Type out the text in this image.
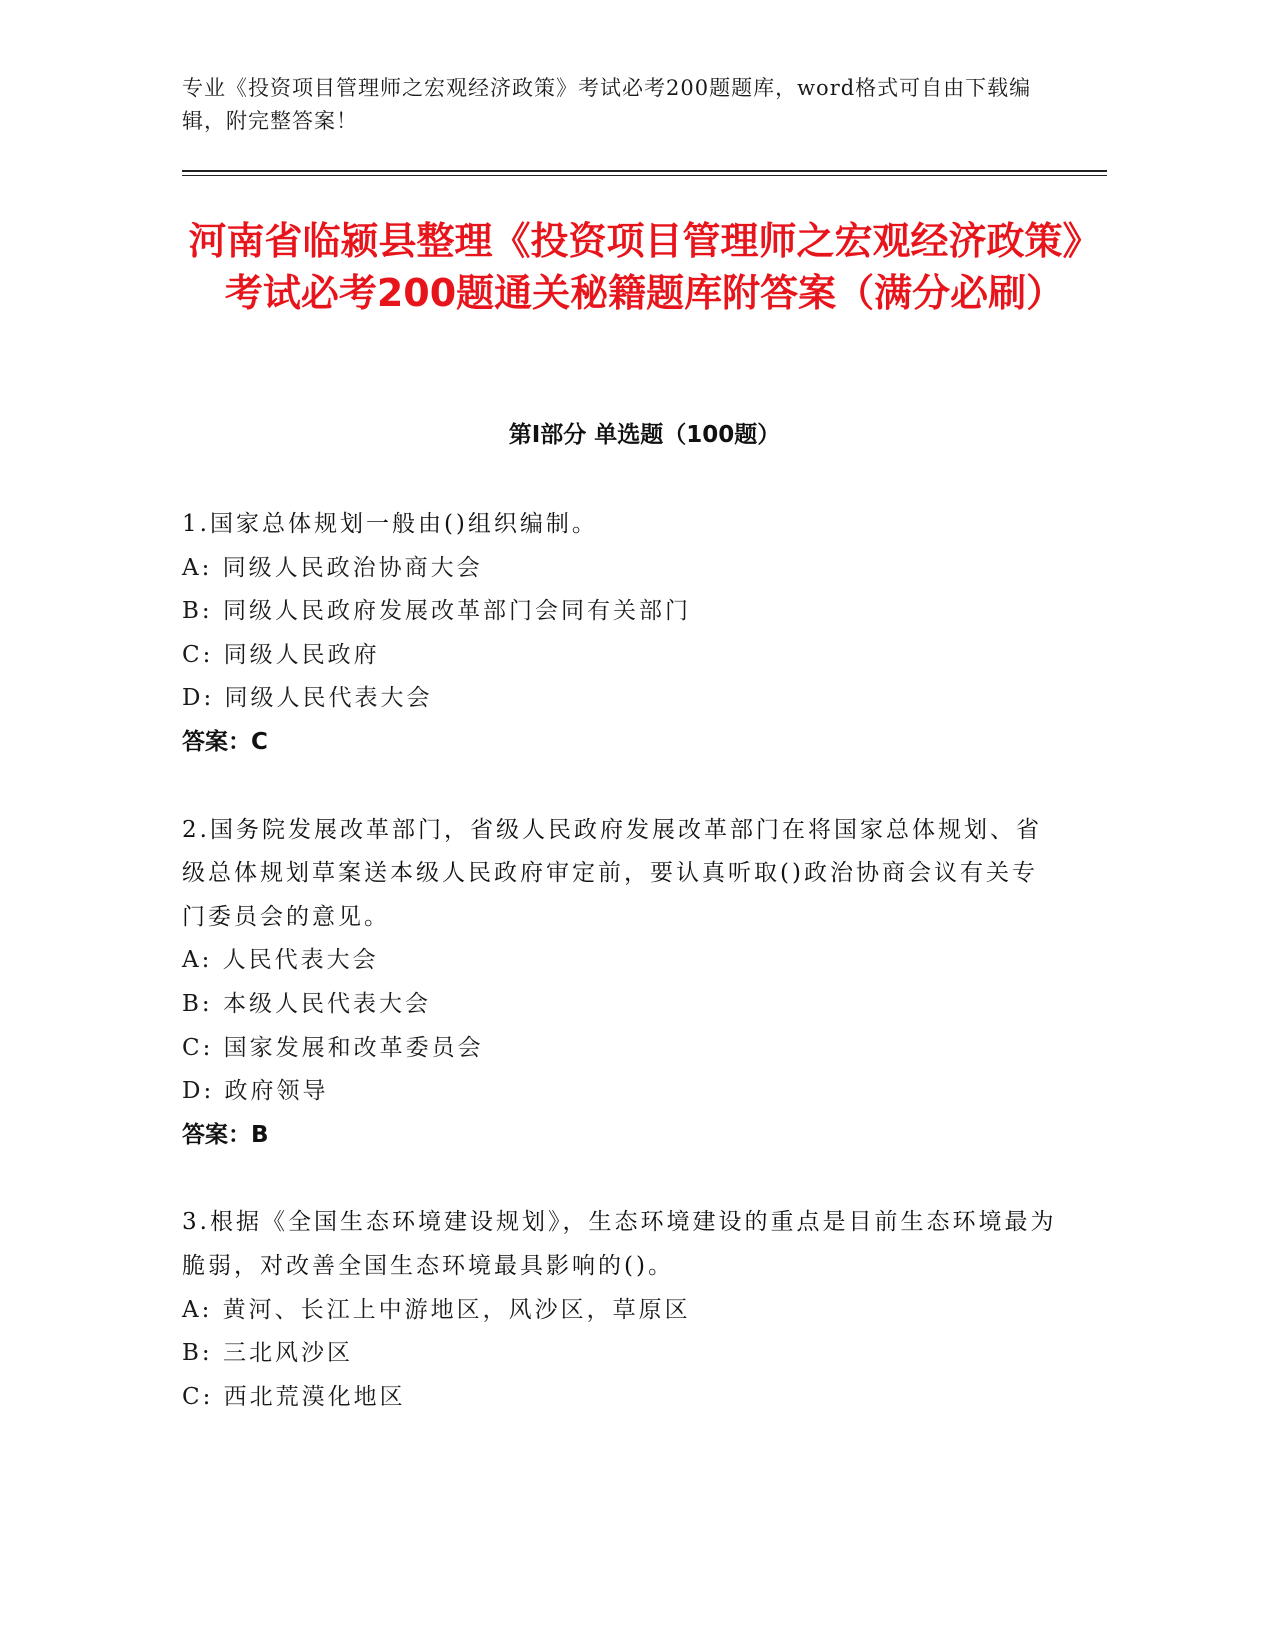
专业《投资项目管理师之宏观经济政策》考试必考200题题库，word格式可自由下载编辑，附完整答案！
河南省临颍县整理《投资项目管理师之宏观经济政策》考试必考200题通关秘籍题库附答案（满分必刷）
第I部分 单选题（100题）

1.国家总体规划一般由()组织编制。

A: 同级人民政治协商大会

B: 同级人民政府发展改革部门会同有关部门

C: 同级人民政府

D: 同级人民代表大会

答案：C

2.国务院发展改革部门，省级人民政府发展改革部门在将国家总体规划、省级总体规划草案送本级人民政府审定前，要认真听取()政治协商会议有关专门委员会的意见。

A: 人民代表大会

B: 本级人民代表大会

C: 国家发展和改革委员会

D: 政府领导

答案：B

3.根据《全国生态环境建设规划》，生态环境建设的重点是目前生态环境最为脆弱，对改善全国生态环境最具影响的()。

A: 黄河、长江上中游地区，风沙区，草原区

B: 三北风沙区

C: 西北荒漠化地区
